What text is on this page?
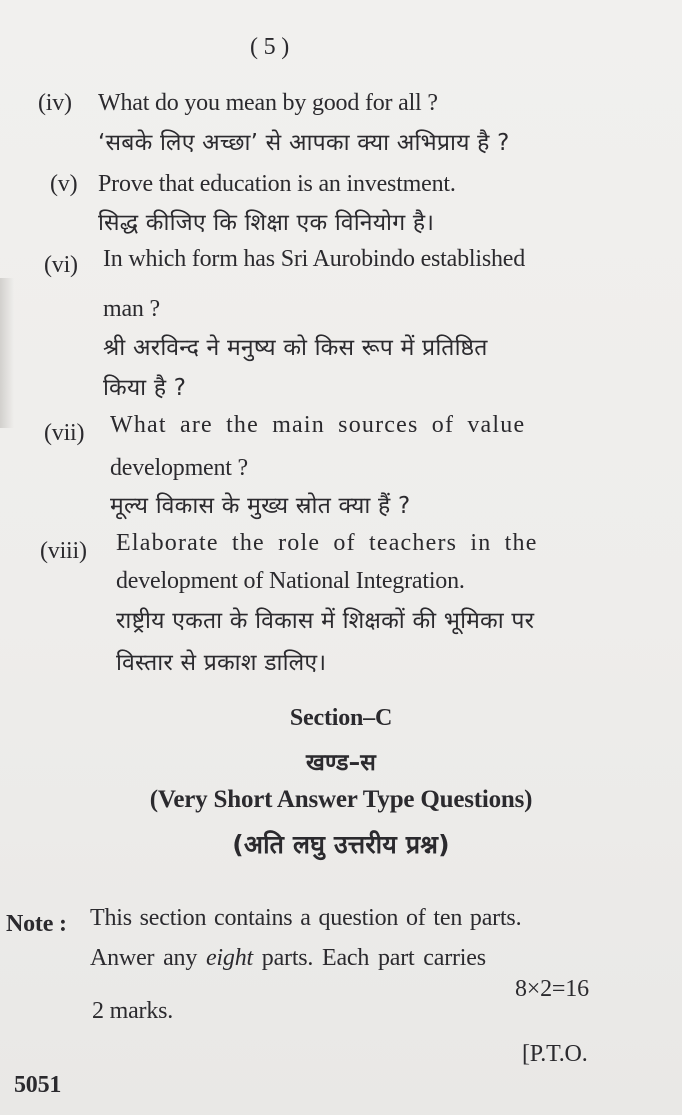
( 5 )
(iv) What do you mean by good for all ?
‘सबके लिए अच्छा’ से आपका क्या अभिप्राय है ?
(v) Prove that education is an investment.
सिद्ध कीजिए कि शिक्षा एक विनियोग है।
(vi) In which form has Sri Aurobindo established
man ?
श्री अरविन्द ने मनुष्य को किस रूप में प्रतिष्ठित
किया है ?
(vii) What are the main sources of value
development ?
मूल्य विकास के मुख्य स्रोत क्या हैं ?
(viii) Elaborate the role of teachers in the
development of National Integration.
राष्ट्रीय एकता के विकास में शिक्षकों की भूमिका पर
विस्तार से प्रकाश डालिए।
Section–C
खण्ड–स
(Very Short Answer Type Questions)
(अति लघु उत्तरीय प्रश्न)
Note : This section contains a question of ten parts.
Anwer any eight parts. Each part carries
8×2=16
2 marks.
[P.T.O.
5051
